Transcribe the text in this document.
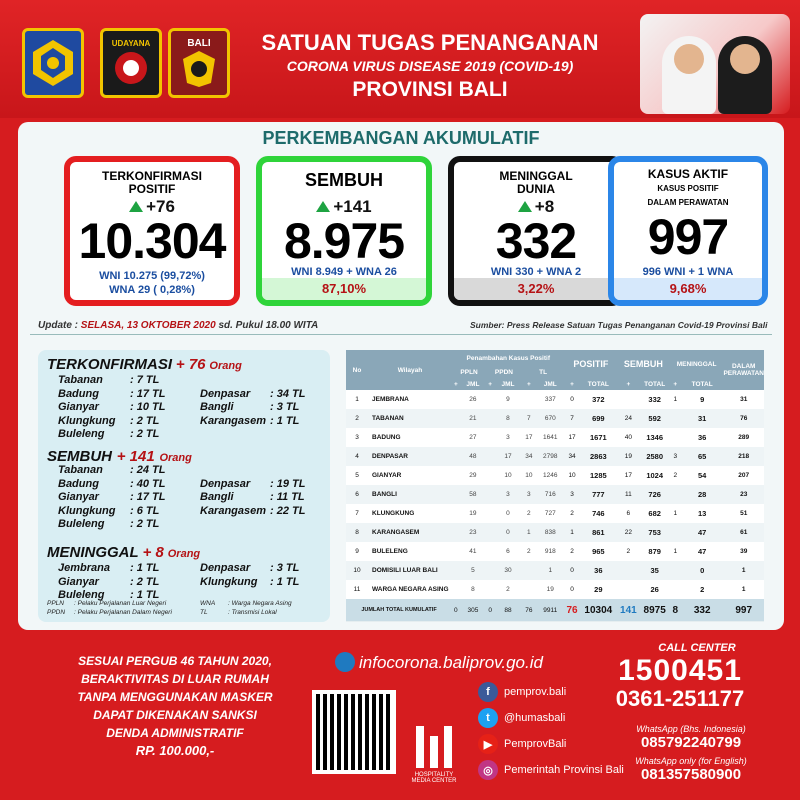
UDAYANA	BALI	SATUAN TUGAS PENANGANAN
CORONA VIRUS DISEASE 2019 (COVID-19)
PROVINSI BALI
PERKEMBANGAN AKUMULATIF
TERKONFIRMASI
POSITIF
+76
10.304
WNI 10.275 (99,72%)
WNA 29 ( 0,28%)
SEMBUH
+141
8.975
WNI 8.949 + WNA 26
87,10%
MENINGGAL
DUNIA
+8
332
WNI 330 + WNA 2
3,22%
KASUS AKTIF
KASUS POSITIF
DALAM PERAWATAN
997
996 WNI + 1 WNA
9,68%
Update : SELASA, 13 OKTOBER 2020 sd. Pukul 18.00 WITA	Sumber: Press Release Satuan Tugas Penanganan Covid-19 Provinsi Bali
TERKONFIRMASI + 76 Orang
Tabanan : 7 TL
Badung	: 17 TL	Denpasar : 34 TL
Gianyar	: 10 TL	Bangli	: 3 TL
Klungkung : 2 TL	Karangasem : 1 TL
Buleleng : 2 TL
SEMBUH + 141 Orang
Tabanan : 24 TL
Badung	: 40 TL	Denpasar : 19 TL
Gianyar	: 17 TL	Bangli	: 11 TL
Klungkung : 6 TL	Karangasem : 22 TL
Buleleng : 2 TL
MENINGGAL + 8 Orang
Jembrana : 1 TL	Denpasar : 3 TL
Gianyar	: 2 TL	Klungkung : 1 TL
Buleleng : 1 TL
PPLN : Pelaku Perjalanan Luar Negeri	WNA : Warga Negara Asing
PPDN : Pelaku Perjalanan Dalam Negeri	TL	: Transmisi Lokal
No	Wilayah	Penambahan Kasus Positif						POSITIF		SEMBUH		MENINGGAL		DALAM PERAWATAN
		PPLN		PPDN		TL								
		+	JML	+	JML	+	JML	+	TOTAL	+	TOTAL	+	TOTAL	
1	JEMBRANA		26		9		337	0	372		332	1	9	31
2	TABANAN		21		8	7	670	7	699	24	592		31	76
3	BADUNG		27		3	17	1641	17	1671	40	1346		36	289
4	DENPASAR		48		17	34	2798	34	2863	19	2580	3	65	218
5	GIANYAR		29		10	10	1246	10	1285	17	1024	2	54	207
6	BANGLI		58		3	3	716	3	777	11	726		28	23
7	KLUNGKUNG		19		0	2	727	2	746	6	682	1	13	51
8	KARANGASEM		23		0	1	838	1	861	22	753		47	61
9	BULELENG		41		6	2	918	2	965	2	879	1	47	39
10	DOMISILI LUAR BALI		5		30		1	0	36		35		0	1
11	WARGA NEGARA ASING		8		2		19	0	29		26		2	1
JUMLAH TOTAL KUMULATIF		0	305	0	88	76	9911	76	10304	141	8975	8	332	997
SESUAI PERGUB 46 TAHUN 2020,
BERAKTIVITAS DI LUAR RUMAH
TANPA MENGGUNAKAN MASKER
DAPAT DIKENAKAN SANKSI
DENDA ADMINISTRATIF
RP. 100.000,-
infocorona.baliprov.go.id
HOSPITALITY
MEDIA CENTER
f	pemprov.bali
t	@humasbali
▶	PemprovBali
◎	Pemerintah Provinsi Bali
CALL CENTER
1500451
0361-251177
WhatsApp (Bhs. Indonesia)
085792240799
WhatsApp only (for English)
081357580900
